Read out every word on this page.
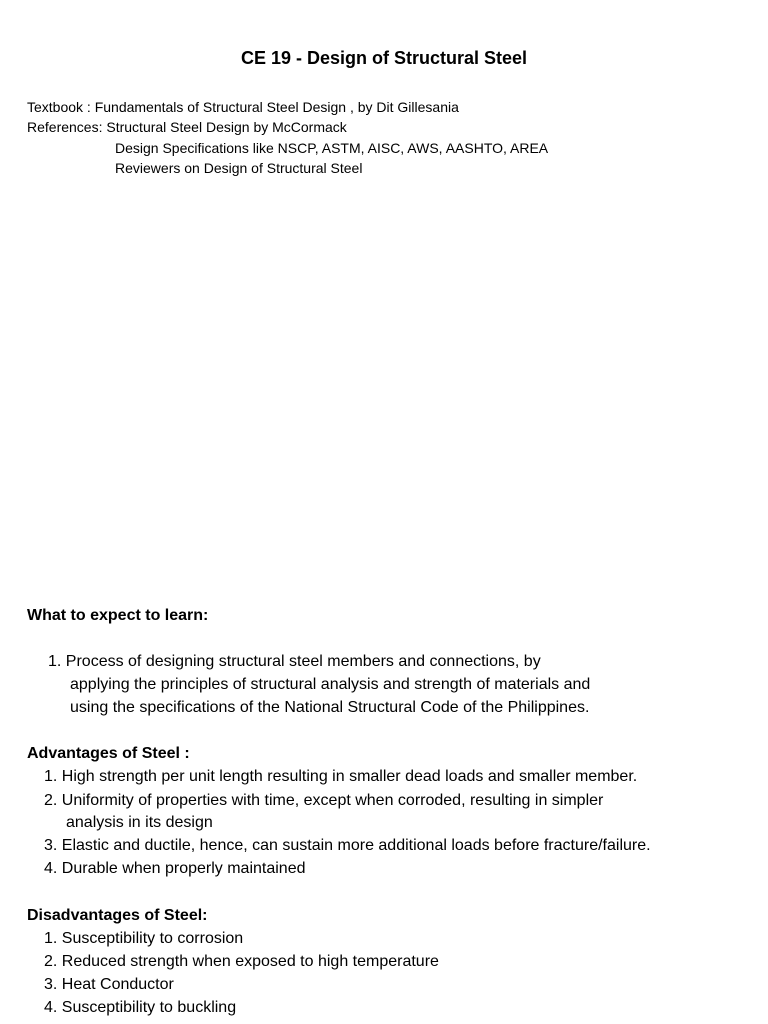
CE 19 - Design of Structural Steel
Textbook : Fundamentals of Structural Steel Design , by Dit Gillesania
References: Structural Steel Design by McCormack
Design Specifications like NSCP, ASTM, AISC, AWS, AASHTO, AREA
Reviewers on Design of Structural Steel
What to expect to learn:
1. Process of designing structural steel members and connections, by
applying the principles of structural analysis and strength of materials and
using the specifications of the National Structural Code of the Philippines.
Advantages of Steel :
1. High strength per unit length resulting in smaller dead loads and smaller member.
2. Uniformity of properties with time, except when corroded, resulting in simpler
analysis in its design
3. Elastic and ductile, hence, can sustain more additional loads before fracture/failure.
4. Durable when properly maintained
Disadvantages of Steel:
1. Susceptibility to corrosion
2. Reduced strength when exposed to high temperature
3. Heat Conductor
4. Susceptibility to buckling
